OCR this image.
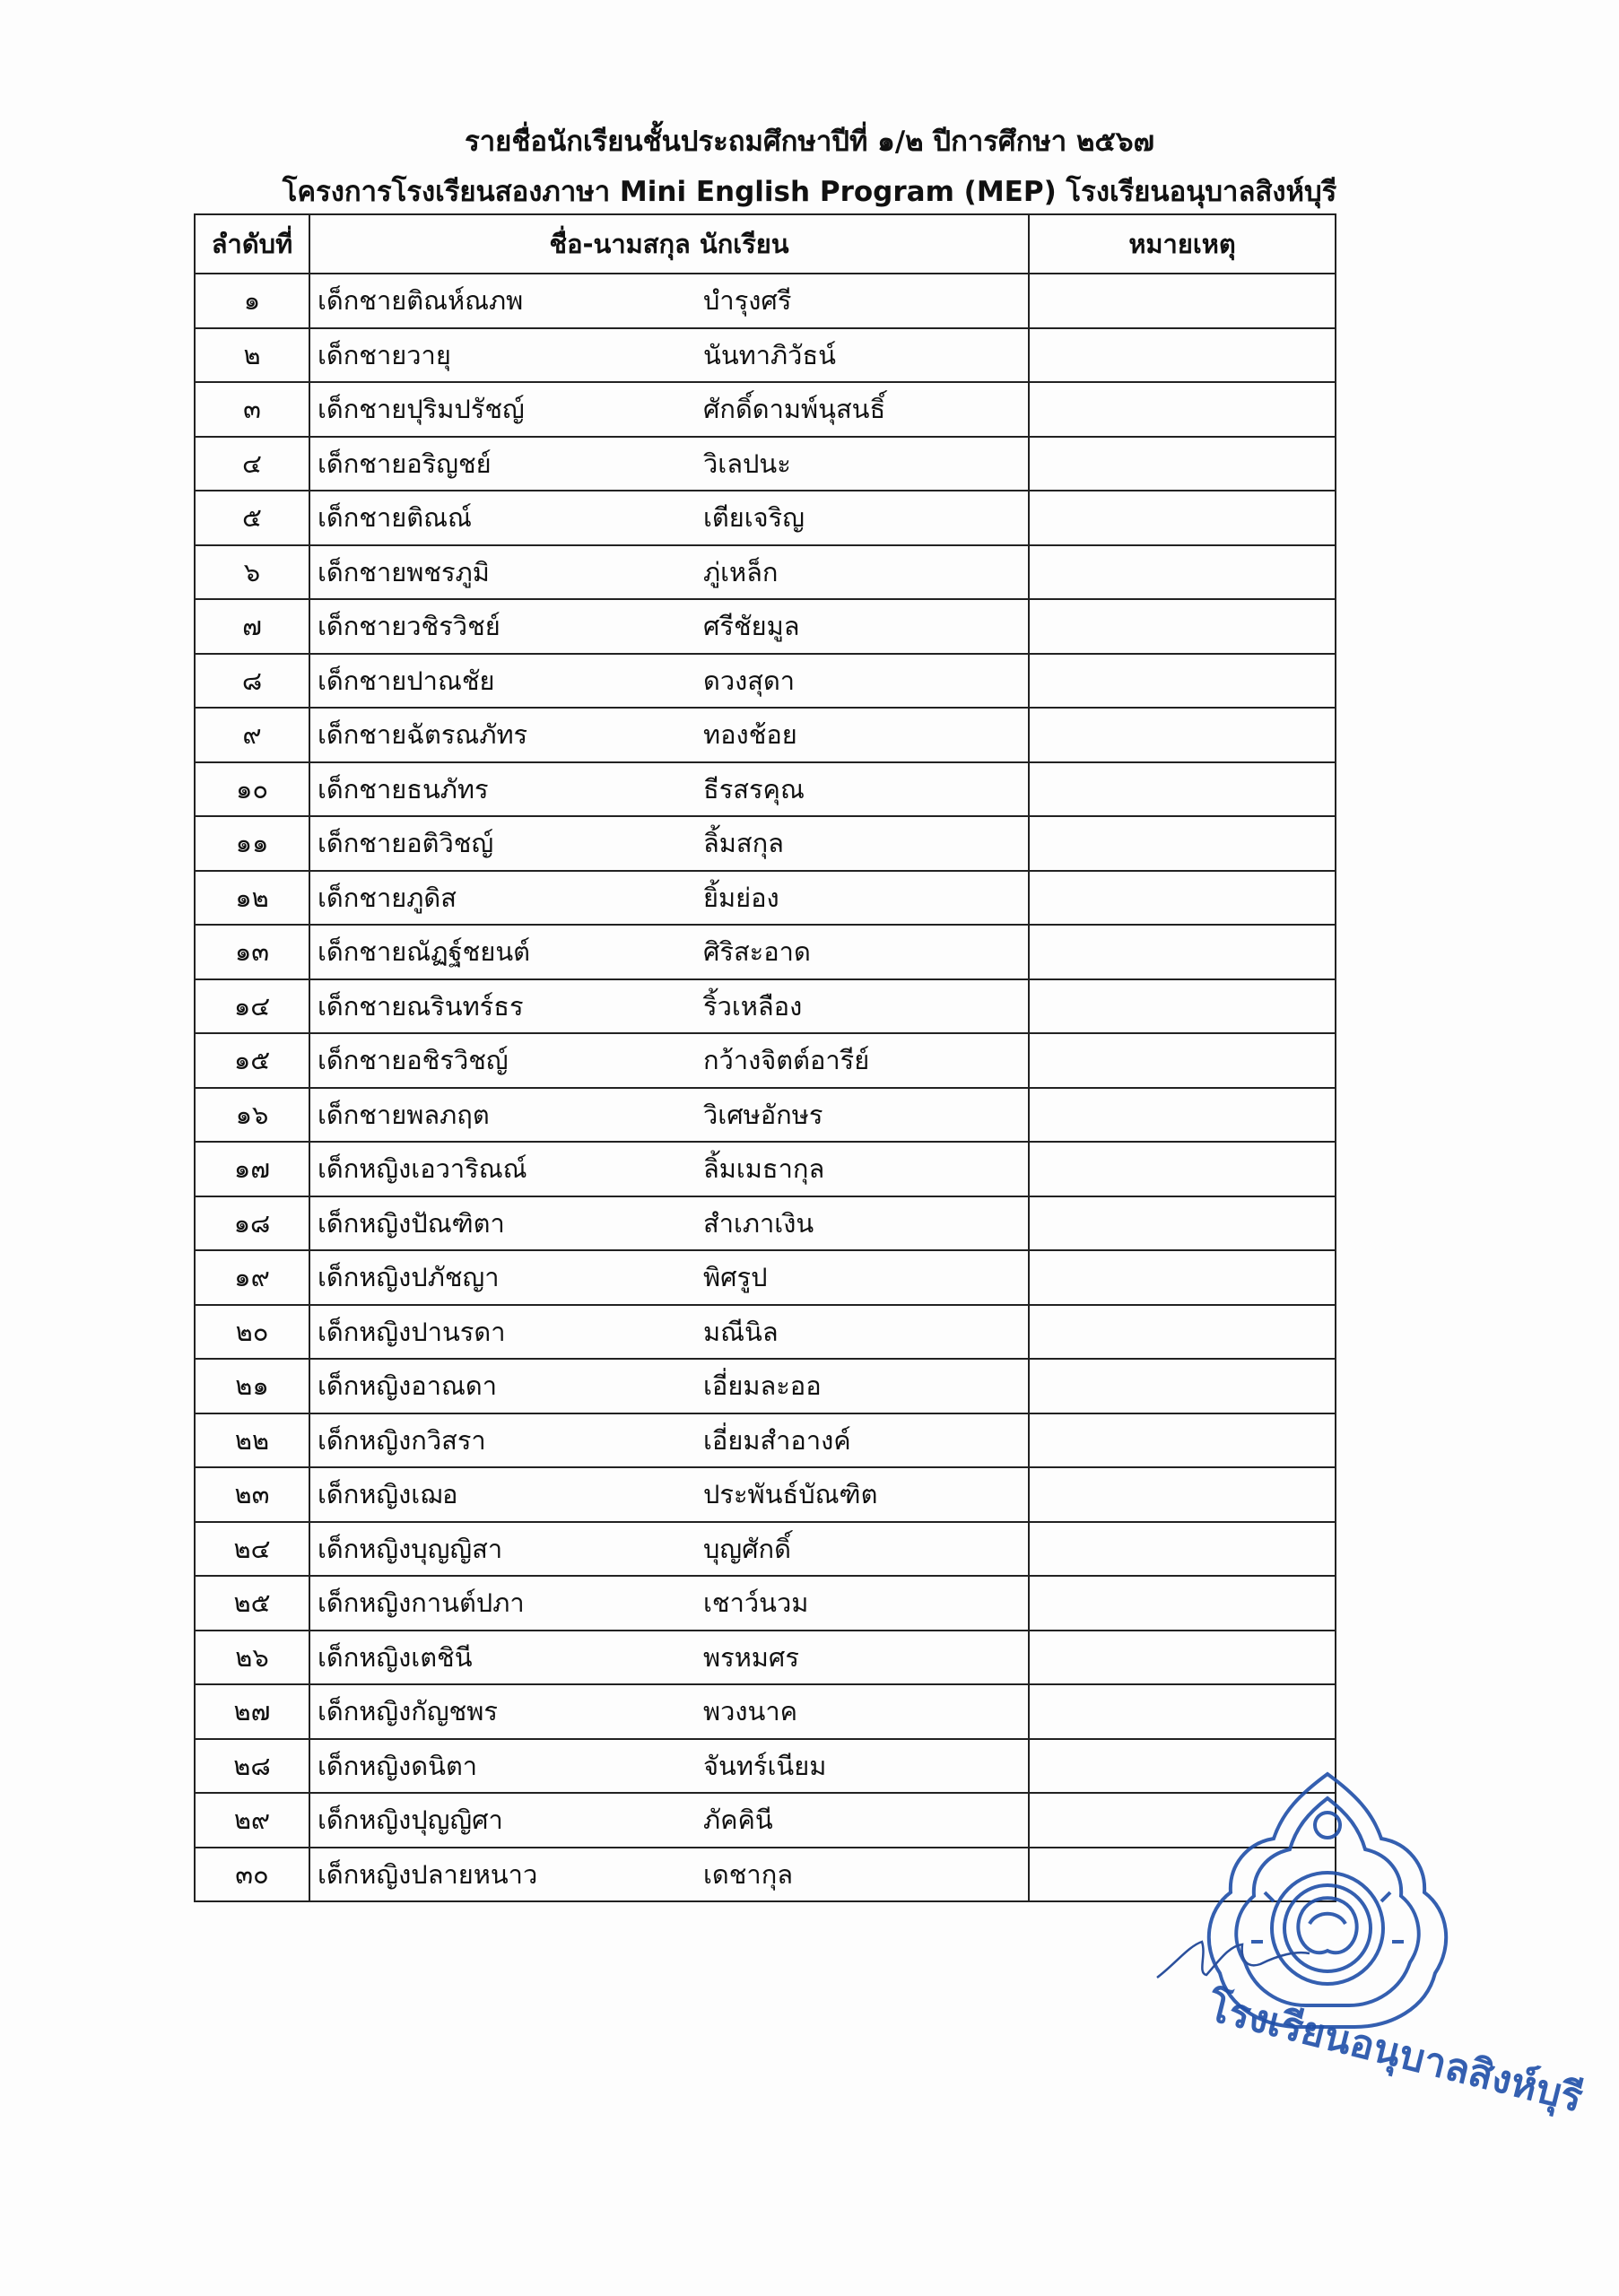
รายชื่อนักเรียนชั้นประถมศึกษาปีที่ ๑/๒ ปีการศึกษา ๒๕๖๗
โครงการโรงเรียนสองภาษา Mini English Program (MEP) โรงเรียนอนุบาลสิงห์บุรี
ลำดับที่	ชื่อ-นามสกุล นักเรียน	หมายเหตุ
๑	เด็กชายติณห์ณภพ บำรุงศรี	

๒	เด็กชายวายุ นันทาภิวัธน์	

๓	เด็กชายปุริมปรัชญ์ ศักดิ์ดามพ์นุสนธิ์	

๔	เด็กชายอริญชย์ วิเลปนะ	

๕	เด็กชายติณณ์ เตียเจริญ	

๖	เด็กชายพชรภูมิ ภู่เหล็ก	

๗	เด็กชายวชิรวิชย์ ศรีชัยมูล	

๘	เด็กชายปาณชัย ดวงสุดา	

๙	เด็กชายฉัตรณภัทร ทองช้อย	

๑๐	เด็กชายธนภัทร ธีรสรคุณ	

๑๑	เด็กชายอติวิชญ์ ลิ้มสกุล	

๑๒	เด็กชายภูดิส ยิ้มย่อง	

๑๓	เด็กชายณัฏฐ์ชยนต์ ศิริสะอาด	

๑๔	เด็กชายณรินทร์ธร ริ้วเหลือง	

๑๕	เด็กชายอชิรวิชญ์ กว้างจิตต์อารีย์	

๑๖	เด็กชายพลภฤต วิเศษอักษร	

๑๗	เด็กหญิงเอวาริณณ์ ลิ้มเมธากุล	

๑๘	เด็กหญิงปัณฑิตา สำเภาเงิน	

๑๙	เด็กหญิงปภัชญา พิศรูป	

๒๐	เด็กหญิงปานรดา มณีนิล	

๒๑	เด็กหญิงอาณดา เอี่ยมละออ	

๒๒	เด็กหญิงกวิสรา เอี่ยมสำอางค์	

๒๓	เด็กหญิงเฌอ ประพันธ์บัณฑิต	

๒๔	เด็กหญิงบุญญิสา บุญศักดิ์	

๒๕	เด็กหญิงกานต์ปภา เชาว์นวม	

๒๖	เด็กหญิงเตชินี พรหมศร	

๒๗	เด็กหญิงกัญชพร พวงนาค	

๒๘	เด็กหญิงดนิตา จันทร์เนียม	

๒๙	เด็กหญิงปุญญิศา ภัคคินี	

๓๐	เด็กหญิงปลายหนาว เดชากุล	

โรงเรียนอนุบาลสิงห์บุรี
